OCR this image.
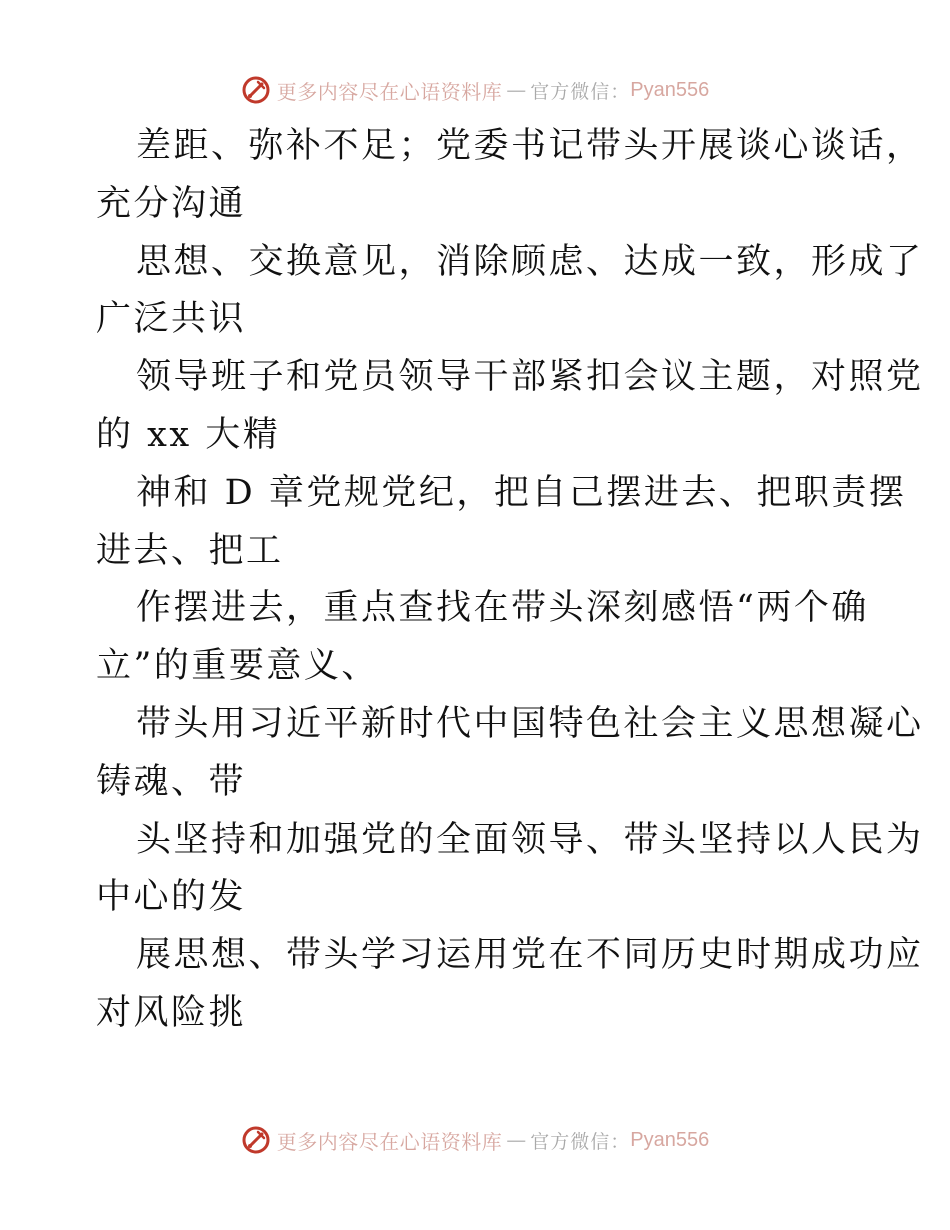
更多内容尽在心语资料库 — 官方微信： Pyan556
差距、弥补不足；党委书记带头开展谈心谈话，
充分沟通
思想、交换意见，消除顾虑、达成一致，形成了
广泛共识
领导班子和党员领导干部紧扣会议主题，对照党
的 xx 大精
神和 D 章党规党纪，把自己摆进去、把职责摆
进去、把工
作摆进去，重点查找在带头深刻感悟“两个确
立”的重要意义、
带头用习近平新时代中国特色社会主义思想凝心
铸魂、带
头坚持和加强党的全面领导、带头坚持以人民为
中心的发
展思想、带头学习运用党在不同历史时期成功应
对风险挑
更多内容尽在心语资料库 — 官方微信： Pyan556
